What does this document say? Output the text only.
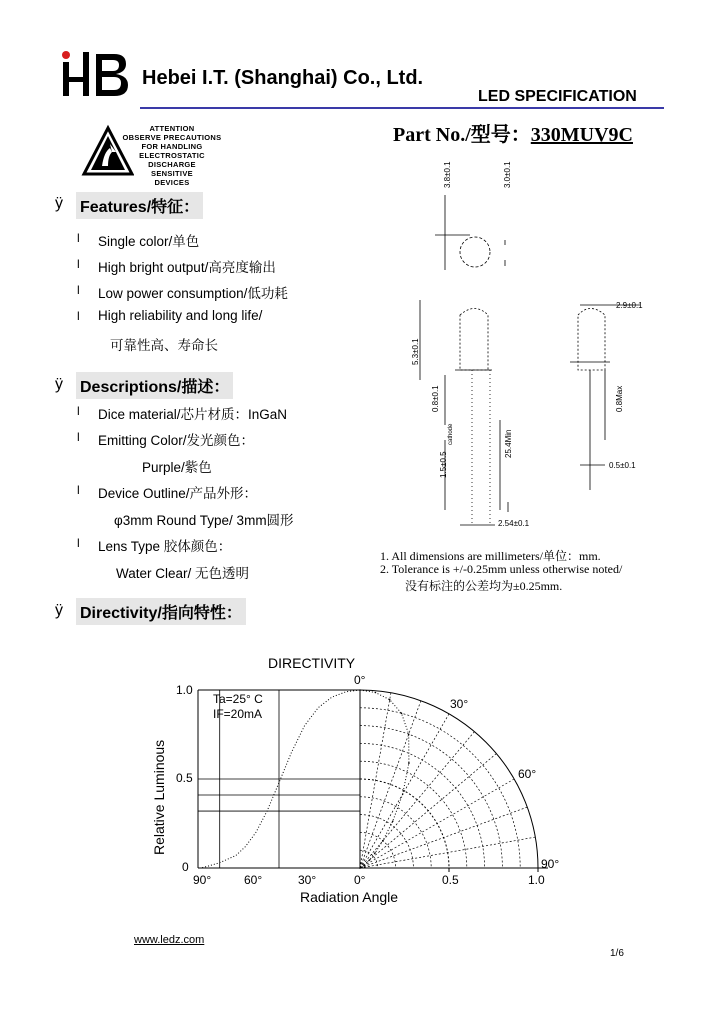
Hebei I.T. (Shanghai) Co., Ltd.
LED SPECIFICATION
Part No./型号：330MUV9C
ATTENTION
OBSERVE PRECAUTIONS
FOR HANDLING
ELECTROSTATIC
DISCHARGE
SENSITIVE
DEVICES
ÿ Features/特征：
l Single color/单色
l High bright output/高亮度输出
l Low power consumption/低功耗
l High reliability and long life/
可靠性高、寿命长
ÿ Descriptions/描述：
l Dice material/芯片材质：InGaN
l Emitting Color/发光颜色：
Purple/紫色
l Device Outline/产品外形：
φ3mm Round Type/ 3mm圆形
l Lens Type 胶体颜色：
Water Clear/ 无色透明
ÿ Directivity/指向特性：
3.8±0.1	3.0±0.1
2.9±0.1
5.3±0.1
0.8±0.1	0.8Max
1.5±0.5
25.4Min
0.5±0.1
2.54±0.1
cathode
1. All dimensions are millimeters/单位：mm.
2. Tolerance is +/-0.25mm unless otherwise noted/
没有标注的公差均为±0.25mm.
DIRECTIVITY
Ta=25° C
IF=20mA
1.0
0.5
0
90°	60°	30°	0°	0.5	1.0
0°
30°
60°
90°
Radiation Angle
Relative Luminous
www.ledz.com
1/6
